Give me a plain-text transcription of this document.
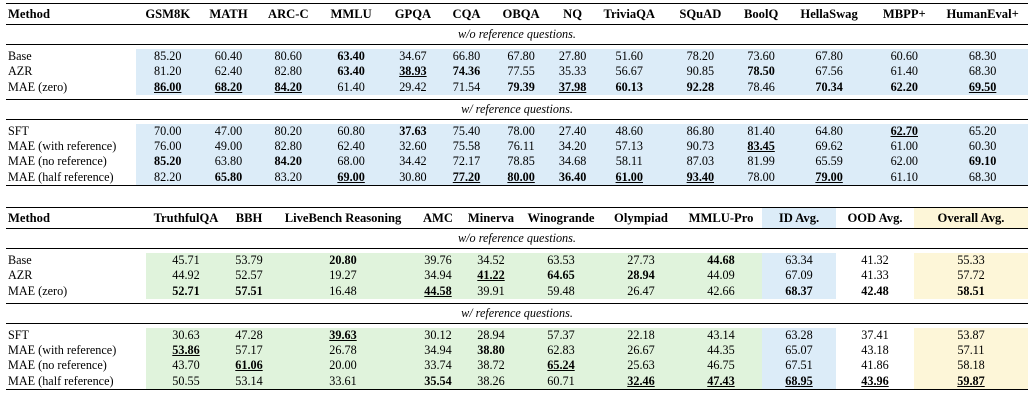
Method	GSM8K	MATH	ARC-C	MMLU	GPQA	CQA	OBQA	NQ	TriviaQA	SQuAD	BoolQ	HellaSwag	MBPP+	HumanEval+
w/o reference questions.														

Base	85.20	60.40	80.60	63.40	34.67	66.80	67.80	27.80	51.60	78.20	73.60	67.80	60.60	68.30
AZR	81.20	62.40	82.80	63.40	38.93	74.36	77.55	35.33	56.67	90.85	78.50	67.56	61.40	68.30
MAE (zero)	86.00	68.20	84.20	61.40	29.42	71.54	79.39	37.98	60.13	92.28	78.46	70.34	62.20	69.50

w/ reference questions.														

SFT	70.00	47.00	80.20	60.80	37.63	75.40	78.00	27.40	48.60	86.80	81.40	64.80	62.70	65.20
MAE (with reference)	76.00	49.00	82.80	62.40	32.60	75.58	76.11	34.20	57.13	90.73	83.45	69.62	61.00	60.30
MAE (no reference)	85.20	63.80	84.20	68.00	34.42	72.17	78.85	34.68	58.11	87.03	81.99	65.59	62.00	69.10
MAE (half reference)	82.20	65.80	83.20	69.00	30.80	77.20	80.00	36.40	61.00	93.40	78.00	79.00	61.10	68.30
Method	TruthfulQA	BBH	LiveBench Reasoning	AMC	Minerva	Winogrande	Olympiad	MMLU-Pro	ID Avg.	OOD Avg.	Overall Avg.
w/o reference questions.											

Base	45.71	53.79	20.80	39.76	34.52	63.53	27.73	44.68	63.34	41.32	55.33
AZR	44.92	52.57	19.27	34.94	41.22	64.65	28.94	44.09	67.09	41.33	57.72
MAE (zero)	52.71	57.51	16.48	44.58	39.91	59.48	26.47	42.66	68.37	42.48	58.51

w/ reference questions.											

SFT	30.63	47.28	39.63	30.12	28.94	57.37	22.18	43.14	63.28	37.41	53.87
MAE (with reference)	53.86	57.17	26.78	34.94	38.80	62.83	26.67	44.35	65.07	43.18	57.11
MAE (no reference)	43.70	61.06	20.00	33.74	38.72	65.24	25.63	46.75	67.51	41.86	58.18
MAE (half reference)	50.55	53.14	33.61	35.54	38.26	60.71	32.46	47.43	68.95	43.96	59.87
